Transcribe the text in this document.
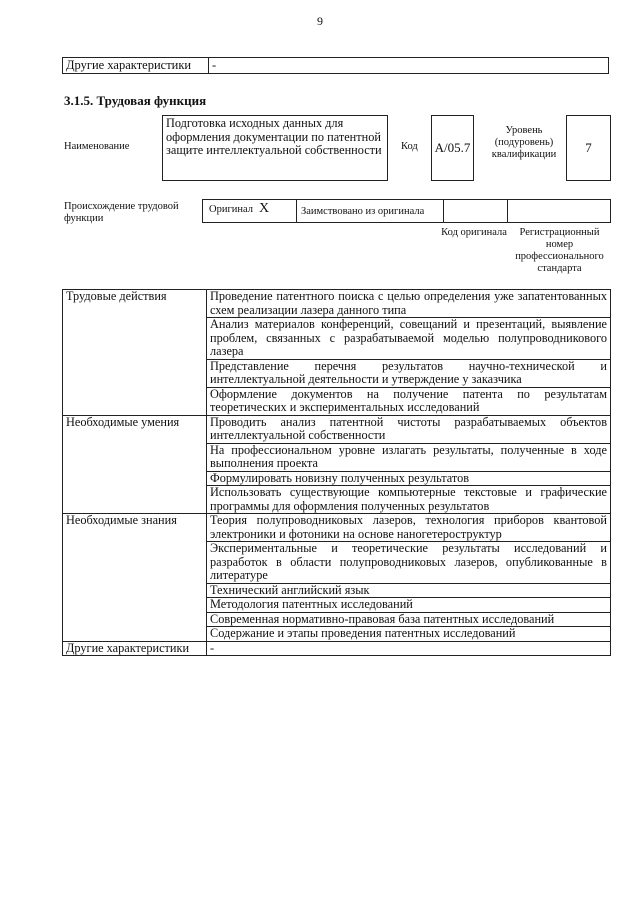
9
Другие характеристики	-
3.1.5. Трудовая функция
Наименование
Подготовка исходных данных для оформления документации по патентной защите интеллектуальной собственности	Код A/05.7
Уровень (подуровень) квалификации	7
Происхождение трудовой функции
Оригинал X	Заимствовано из оригинала
Код оригинала	Регистрационный номер профессионального стандарта
Трудовые действия	Проведение патентного поиска с целью определения уже запатентованных схем реализации лазера данного типа
	Анализ материалов конференций, совещаний и презентаций, выявление проблем, связанных с разрабатываемой моделью полупроводникового лазера
	Представление перечня результатов научно-технической и интеллектуальной деятельности и утверждение у заказчика
	Оформление документов на получение патента по результатам теоретических и экспериментальных исследований
Необходимые умения	Проводить анализ патентной чистоты разрабатываемых объектов интеллектуальной собственности
	На профессиональном уровне излагать результаты, полученные в ходе выполнения проекта
	Формулировать новизну полученных результатов
	Использовать существующие компьютерные текстовые и графические программы для оформления полученных результатов
Необходимые знания	Теория полупроводниковых лазеров, технология приборов квантовой электроники и фотоники на основе наногетероструктур
	Экспериментальные и теоретические результаты исследований и разработок в области полупроводниковых лазеров, опубликованные в литературе
	Технический английский язык
	Методология патентных исследований
	Современная нормативно-правовая база патентных исследований
	Содержание и этапы проведения патентных исследований
Другие характеристики	-
